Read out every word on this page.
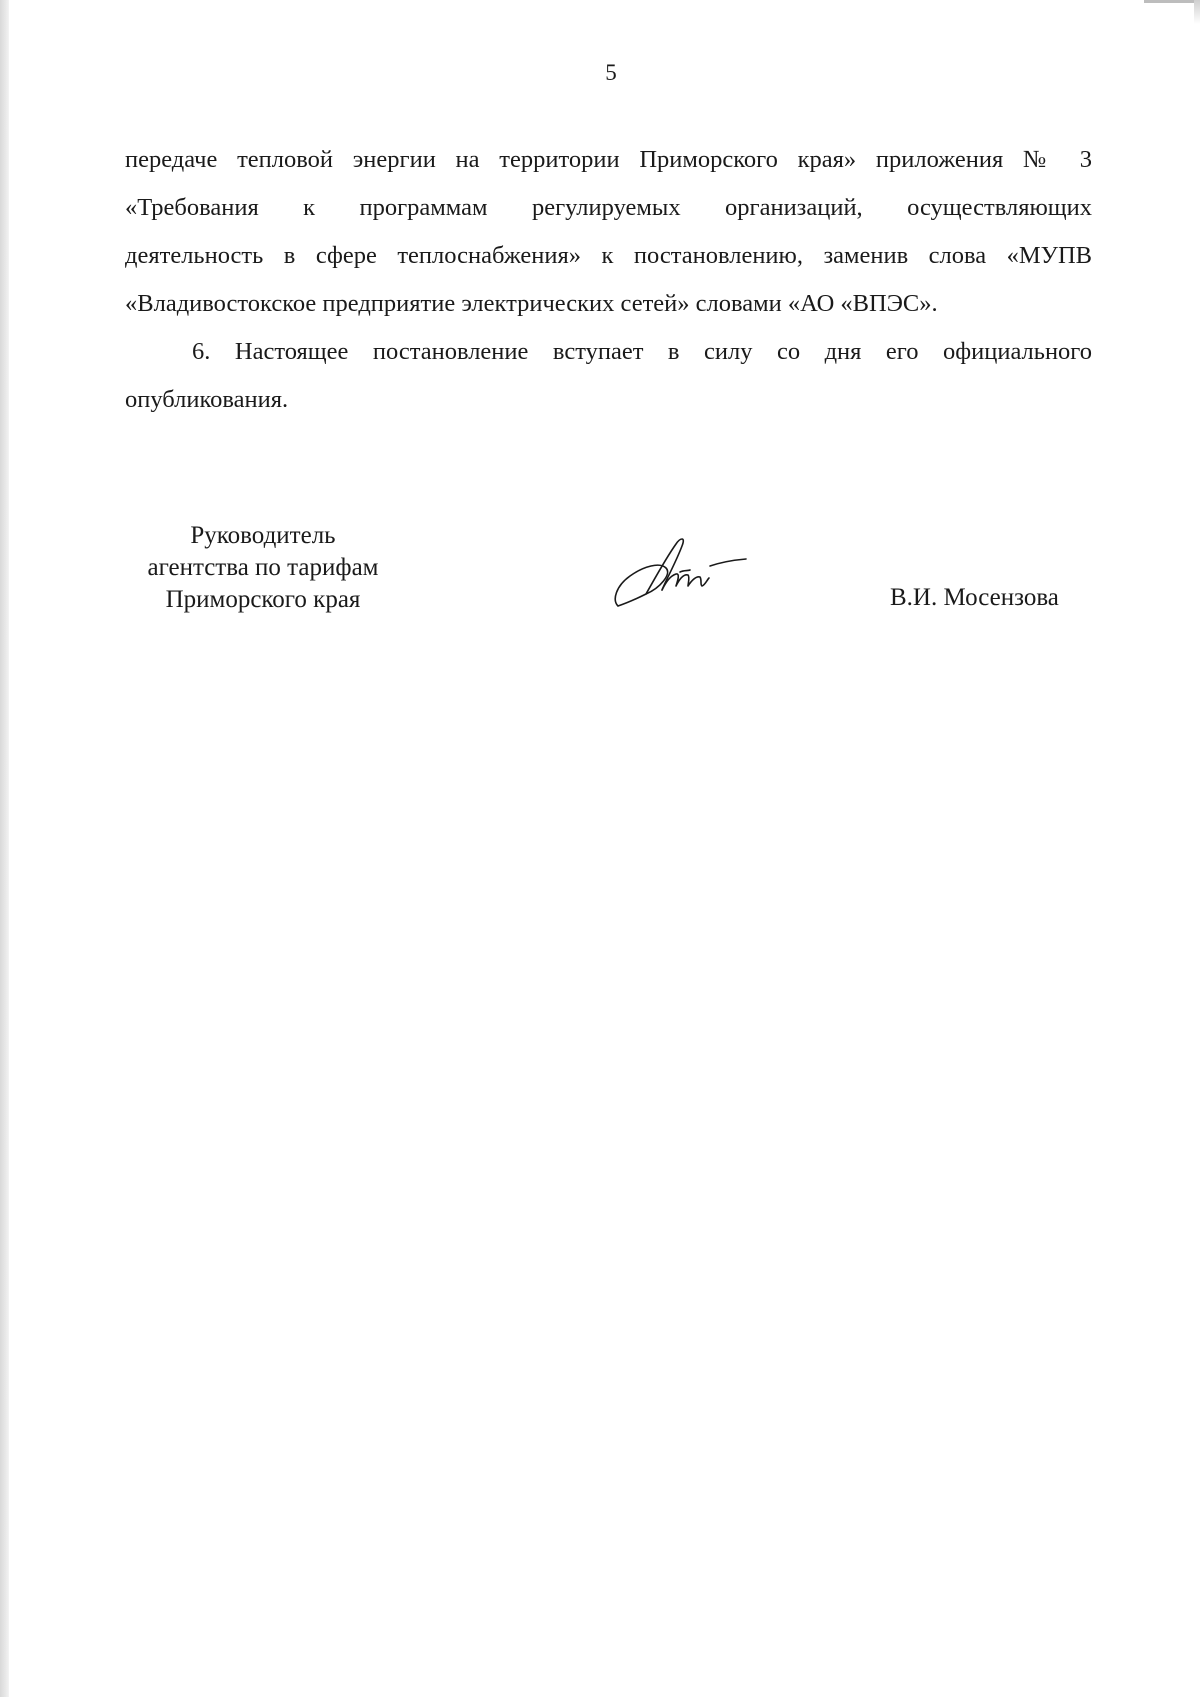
5

передаче тепловой энергии на территории Приморского края» приложения № 3
«Требования к программам регулируемых организаций, осуществляющих
деятельность в сфере теплоснабжения» к постановлению, заменив слова «МУПВ
«Владивостокское предприятие электрических сетей» словами «АО «ВПЭС».

6. Настоящее постановление вступает в силу со дня его официального
опубликования.

Руководитель
агентства по тарифам
Приморского края	В.И. Мосензова
